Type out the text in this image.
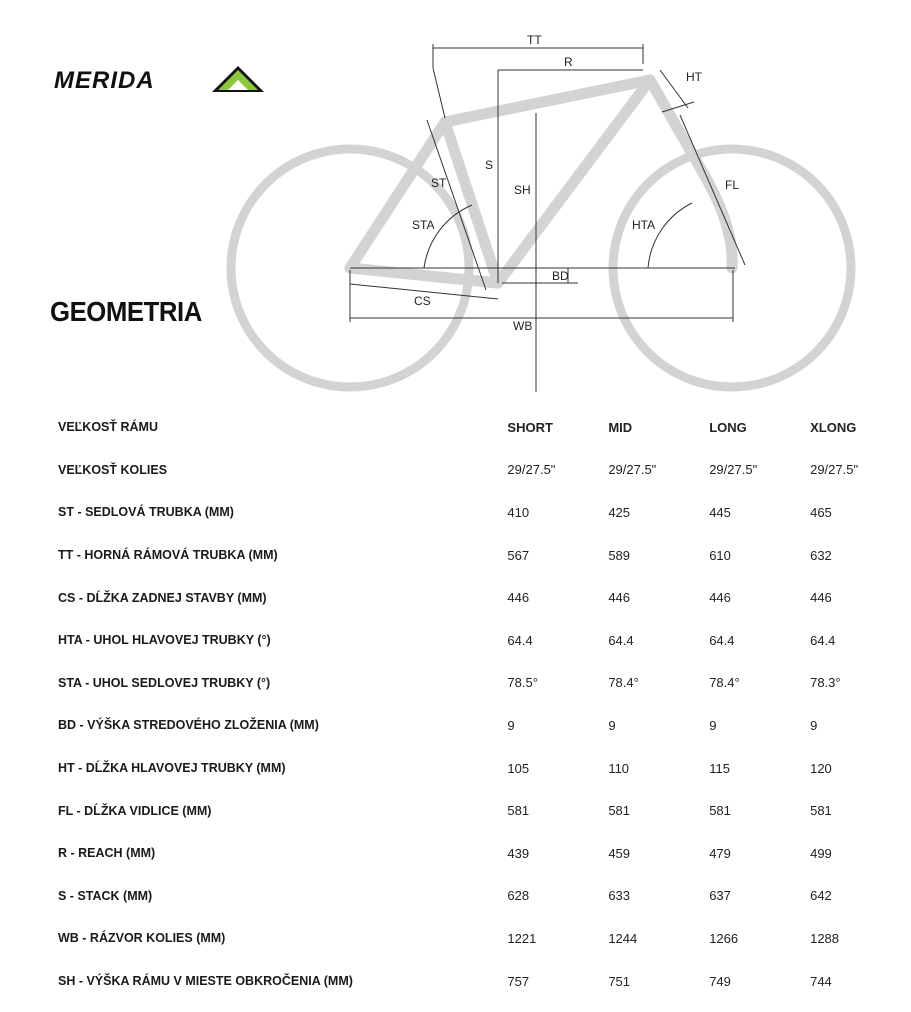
MERIDA
GEOMETRIA
TT
R
HT
S
ST	SH	FL
STA	HTA
BD
CS
WB
VEĽKOSŤ RÁMU	SHORT	MID	LONG	XLONG
VEĽKOSŤ KOLIES	29/27.5"	29/27.5"	29/27.5"	29/27.5"
ST - SEDLOVÁ TRUBKA (MM)	410	425	445	465
TT - HORNÁ RÁMOVÁ TRUBKA (MM)	567	589	610	632
CS - DĹŽKA ZADNEJ STAVBY (MM)	446	446	446	446
HTA - UHOL HLAVOVEJ TRUBKY (°)	64.4	64.4	64.4	64.4
STA - UHOL SEDLOVEJ TRUBKY (°)	78.5°	78.4°	78.4°	78.3°
BD - VÝŠKA STREDOVÉHO ZLOŽENIA (MM)	9	9	9	9
HT - DĹŽKA HLAVOVEJ TRUBKY (MM)	105	110	115	120
FL - DĹŽKA VIDLICE (MM)	581	581	581	581
R - REACH (MM)	439	459	479	499
S - STACK (MM)	628	633	637	642
WB - RÁZVOR KOLIES (MM)	1221	1244	1266	1288
SH - VÝŠKA RÁMU V MIESTE OBKROČENIA (MM)	757	751	749	744
